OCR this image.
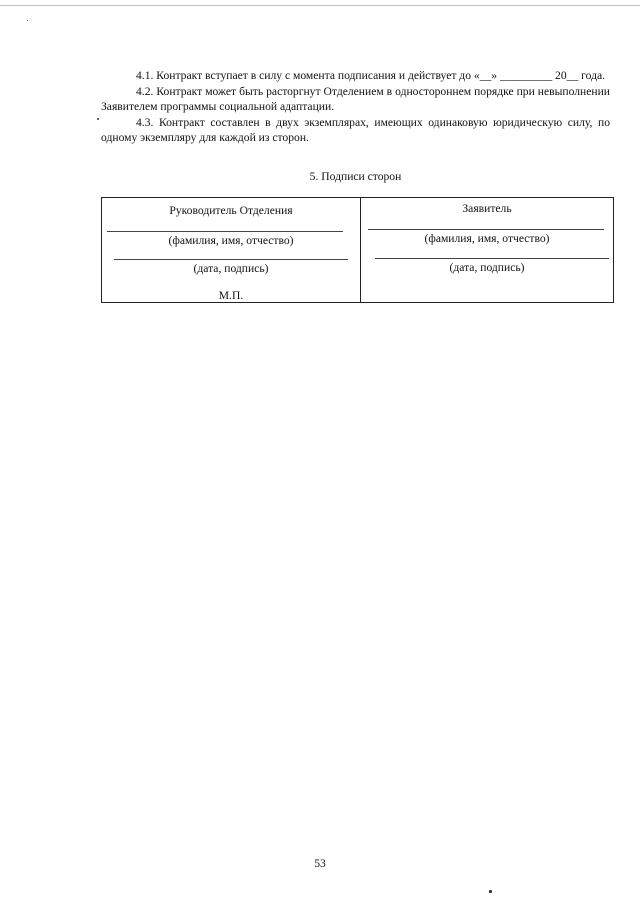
4.1. Контракт вступает в силу с момента подписания и действует до «__» _________ 20__ года.

4.2. Контракт может быть расторгнут Отделением в одностороннем порядке при невыполнении Заявителем программы социальной адаптации.

4.3. Контракт составлен в двух экземплярах, имеющих одинаковую юридическую силу, по одному экземпляру для каждой из сторон.

5. Подписи сторон
Руководитель Отделения
(фамилия, имя, отчество)
(дата, подпись)
М.П.
Заявитель
(фамилия, имя, отчество)
(дата, подпись)
53
